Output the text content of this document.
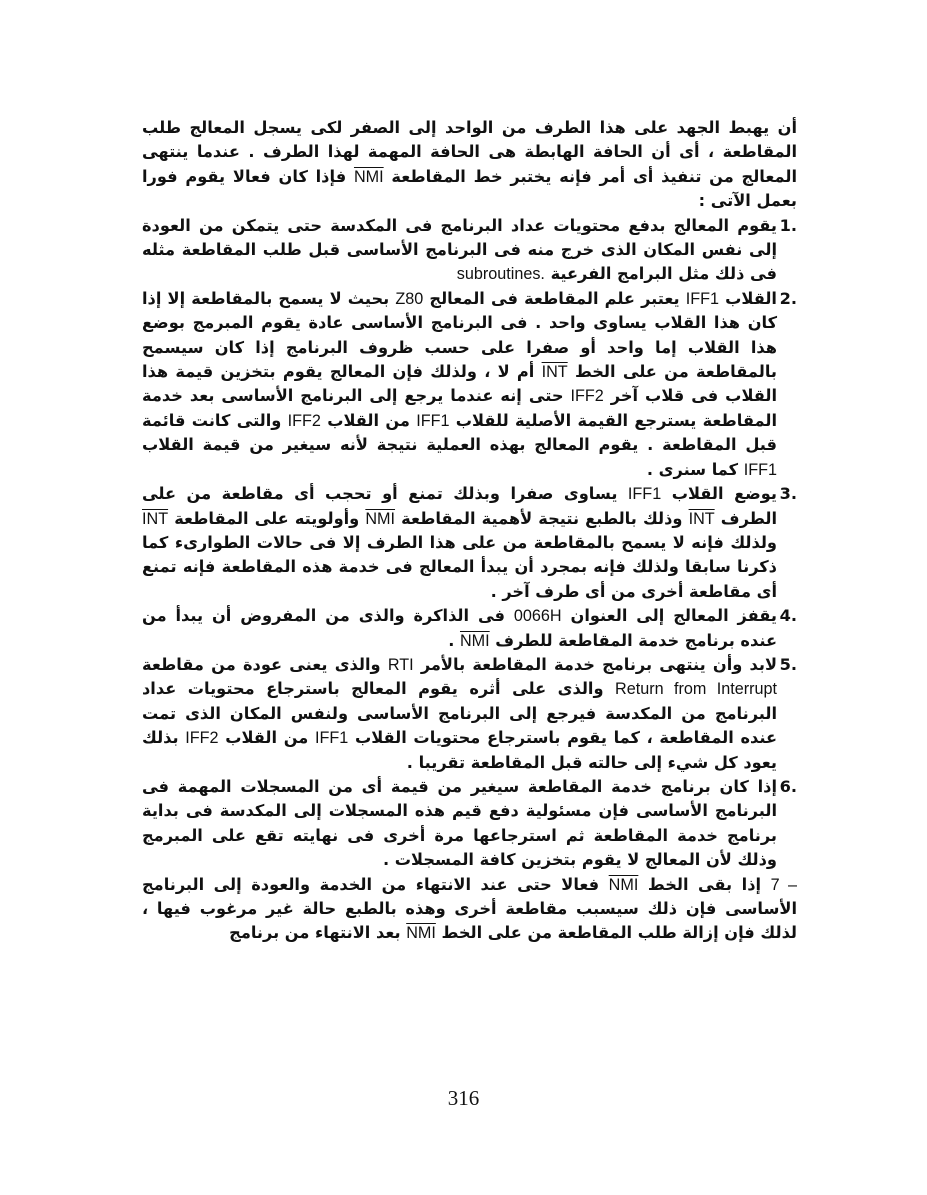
أن يهبط الجهد على هذا الطرف من الواحد إلى الصفر لكى يسجل المعالج طلب المقاطعة ، أى أن الحافة الهابطة هى الحافة المهمة لهذا الطرف . عندما ينتهى المعالج من تنفيذ أى أمر فإنه يختبر خط المقاطعة $\overline{NMI}$ فإذا كان فعالا يقوم فورا بعمل الآتى :

1.

يقوم المعالج بدفع محتويات عداد البرنامج فى المكدسة حتى يتمكن من العودة إلى نفس المكان الذى خرج منه فى البرنامج الأساسى قبل طلب المقاطعة مثله فى ذلك مثل البرامج الفرعية subroutines.

2.

القلاب IFF1 يعتبر علم المقاطعة فى المعالج Z80 بحيث لا يسمح بالمقاطعة إلا إذا كان هذا القلاب يساوى واحد . فى البرنامج الأساسى عادة يقوم المبرمج بوضع هذا القلاب إما واحد أو صفرا على حسب ظروف البرنامج إذا كان سيسمح بالمقاطعة من على الخط $\overline{INT}$ أم لا ، ولذلك فإن المعالج يقوم بتخزين قيمة هذا القلاب فى قلاب آخر IFF2 حتى إنه عندما يرجع إلى البرنامج الأساسى بعد خدمة المقاطعة يسترجع القيمة الأصلية للقلاب IFF1 من القلاب IFF2 والتى كانت قائمة قبل المقاطعة . يقوم المعالج بهذه العملية نتيجة لأنه سيغير من قيمة القلاب IFF1 كما سنرى .

3.

يوضع القلاب IFF1 يساوى صفرا وبذلك تمنع أو تحجب أى مقاطعة من على الطرف $\overline{INT}$ وذلك بالطبع نتيجة لأهمية المقاطعة $\overline{NMI}$ وأولويته على المقاطعة $\overline{INT}$ ولذلك فإنه لا يسمح بالمقاطعة من على هذا الطرف إلا فى حالات الطوارىء كما ذكرنا سابقا ولذلك فإنه بمجرد أن يبدأ المعالج فى خدمة هذه المقاطعة فإنه تمنع أى مقاطعة أخرى من أى طرف آخر .

4.

يقفز المعالج إلى العنوان 0066H فى الذاكرة والذى من المفروض أن يبدأ من عنده برنامج خدمة المقاطعة للطرف $\overline{NMI}$ .

5.

لابد وأن ينتهى برنامج خدمة المقاطعة بالأمر RTI والذى يعنى عودة من مقاطعة Return from Interrupt والذى على أثره يقوم المعالج باسترجاع محتويات عداد البرنامج من المكدسة فيرجع إلى البرنامج الأساسى ولنفس المكان الذى تمت عنده المقاطعة ، كما يقوم باسترجاع محتويات القلاب IFF1 من القلاب IFF2 بذلك يعود كل شيء إلى حالته قبل المقاطعة تقريبا .

6.

إذا كان برنامج خدمة المقاطعة سيغير من قيمة أى من المسجلات المهمة فى البرنامج الأساسى فإن مسئولية دفع قيم هذه المسجلات إلى المكدسة فى بداية برنامج خدمة المقاطعة ثم استرجاعها مرة أخرى فى نهايته تقع على المبرمج وذلك لأن المعالج لا يقوم بتخزين كافة المسجلات .

7 – إذا بقى الخط $\overline{NMI}$ فعالا حتى عند الانتهاء من الخدمة والعودة إلى البرنامج الأساسى فإن ذلك سيسبب مقاطعة أخرى وهذه بالطبع حالة غير مرغوب فيها ، لذلك فإن إزالة طلب المقاطعة من على الخط $\overline{NMI}$ بعد الانتهاء من برنامج

316
